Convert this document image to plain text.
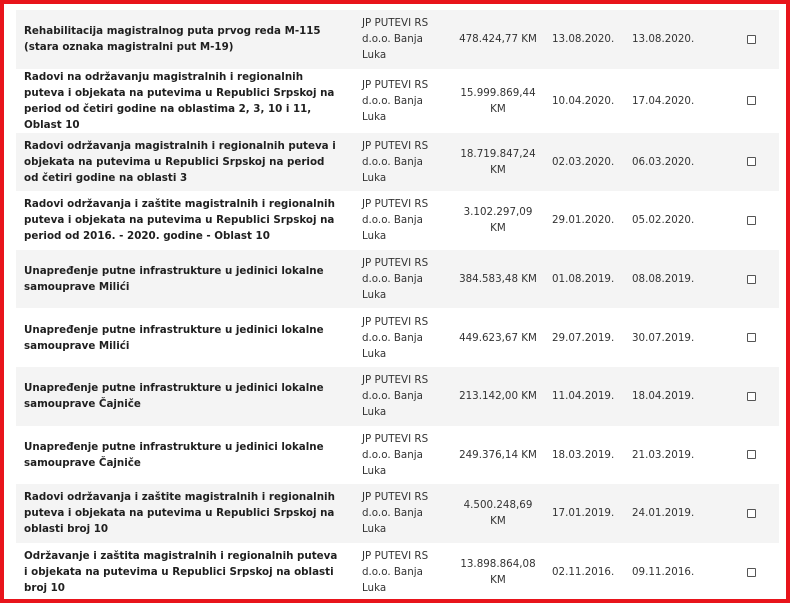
Rehabilitacija magistralnog puta prvog reda M-115 (stara oznaka magistralni put M-19)	JP PUTEVI RS d.o.o. Banja Luka	478.424,77 KM	13.08.2020.	13.08.2020.	
Radovi na održavanju magistralnih i regionalnih puteva i objekata na putevima u Republici Srpskoj na period od četiri godine na oblastima 2, 3, 10 i 11, Oblast 10	JP PUTEVI RS d.o.o. Banja Luka	15.999.869,44 KM	10.04.2020.	17.04.2020.	
Radovi održavanja magistralnih i regionalnih puteva i objekata na putevima u Republici Srpskoj na period od četiri godine na oblasti 3	JP PUTEVI RS d.o.o. Banja Luka	18.719.847,24 KM	02.03.2020.	06.03.2020.	
Radovi održavanja i zaštite magistralnih i regionalnih puteva i objekata na putevima u Republici Srpskoj na period od 2016. - 2020. godine - Oblast 10	JP PUTEVI RS d.o.o. Banja Luka	3.102.297,09 KM	29.01.2020.	05.02.2020.	
Unapređenje putne infrastrukture u jedinici lokalne samouprave Milići	JP PUTEVI RS d.o.o. Banja Luka	384.583,48 KM	01.08.2019.	08.08.2019.	
Unapređenje putne infrastrukture u jedinici lokalne samouprave Milići	JP PUTEVI RS d.o.o. Banja Luka	449.623,67 KM	29.07.2019.	30.07.2019.	
Unapređenje putne infrastrukture u jedinici lokalne samouprave Čajniče	JP PUTEVI RS d.o.o. Banja Luka	213.142,00 KM	11.04.2019.	18.04.2019.	
Unapređenje putne infrastrukture u jedinici lokalne samouprave Čajniče	JP PUTEVI RS d.o.o. Banja Luka	249.376,14 KM	18.03.2019.	21.03.2019.	
Radovi održavanja i zaštite magistralnih i regionalnih puteva i objekata na putevima u Republici Srpskoj na oblasti broj 10	JP PUTEVI RS d.o.o. Banja Luka	4.500.248,69 KM	17.01.2019.	24.01.2019.	
Održavanje i zaštita magistralnih i regionalnih puteva i objekata na putevima u Republici Srpskoj na oblasti broj 10	JP PUTEVI RS d.o.o. Banja Luka	13.898.864,08 KM	02.11.2016.	09.11.2016.	
